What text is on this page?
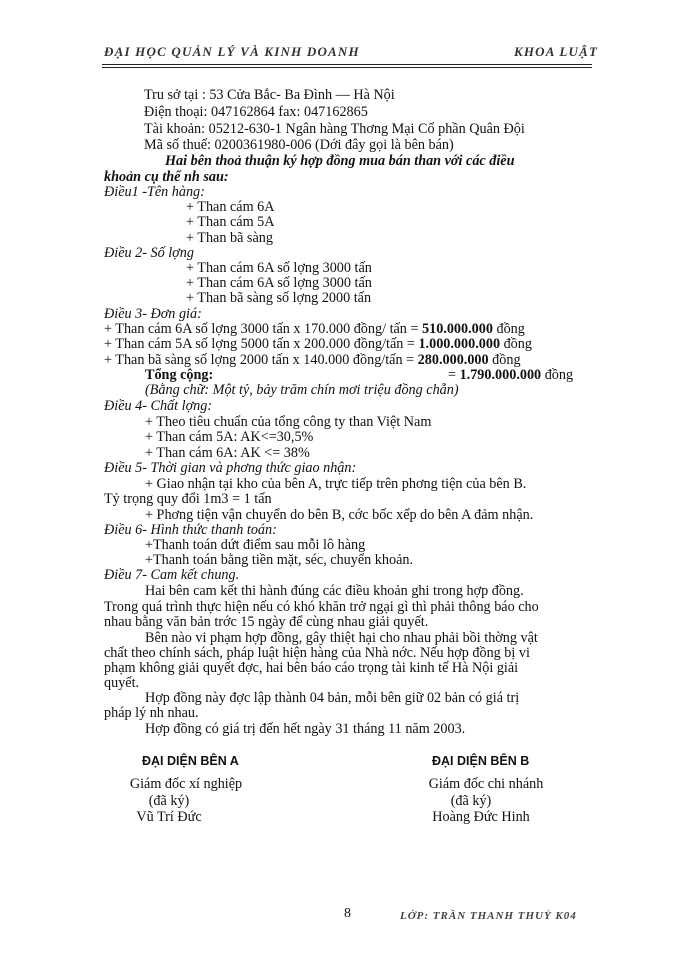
ĐẠI HỌC QUẢN LÝ VÀ KINH DOANH	KHOA LUẬT
Tru sở tại : 53 Cửa Bắc- Ba Đình — Hà Nội
Điện thoại: 047162864 fax: 047162865
Tài khoản: 05212-630-1 Ngân hàng Thơng Mại Cổ phần Quân Đội
Mã số thuế: 0200361980-006 (Dới đây gọi là bên bán)
Hai bên thoả thuận ký hợp đồng mua bán than với các điều
khoản cụ thể nh sau:
Điều1 -Tên hàng:
+ Than cám 6A
+ Than cám 5A
+ Than bã sàng
Điều 2- Số lợng
+ Than cám 6A số lợng 3000 tấn
+ Than cám 6A số lợng 3000 tấn
+ Than bã sàng số lợng 2000 tấn
Điều 3- Đơn giá:
+ Than cám 6A số lợng 3000 tấn x 170.000 đồng/ tấn = 510.000.000 đồng
+ Than cám 5A số lợng 5000 tấn x 200.000 đồng/tấn = 1.000.000.000 đồng
+ Than bã sàng số lợng 2000 tấn x 140.000 đồng/tấn = 280.000.000 đồng
Tổng cộng:	= 1.790.000.000 đồng
(Bằng chữ: Một tỷ, bảy trăm chín mơi triệu đồng chẵn)
Điều 4- Chất lợng:
+ Theo tiêu chuẩn của tổng công ty than Việt Nam
+ Than cám 5A: AK<=30,5%
+ Than cám 6A: AK <= 38%
Điều 5- Thời gian và phơng thức giao nhận:
+ Giao nhận tại kho của bên A, trực tiếp trên phơng tiện của bên B.
Tỷ trọng quy đổi 1m3 = 1 tấn
+ Phơng tiện vận chuyển do bên B, cớc bốc xếp do bên A đảm nhận.
Điều 6- Hình thức thanh toán:
+Thanh toán dứt điểm sau mỗi lô hàng
+Thanh toán bằng tiền mặt, séc, chuyển khoản.
Điều 7- Cam kết chung.
Hai bên cam kết thi hành đúng các điều khoản ghi trong hợp đồng.
Trong quá trình thực hiện nếu có khó khăn trở ngại gì thì phải thông báo cho
nhau bằng văn bản trớc 15 ngày để cùng nhau giải quyết.
Bên nào vi phạm hợp đồng, gây thiệt hại cho nhau phải bồi thờng vật
chất theo chính sách, pháp luật hiện hàng của Nhà nớc. Nếu hợp đồng bị vi
phạm không giải quyết đợc, hai bên báo cáo trọng tài kinh tế Hà Nội giải
quyết.
Hợp đồng này đợc lập thành 04 bản, mỗi bên giữ 02 bản có giá trị
pháp lý nh nhau.
Hợp đồng có giá trị đến hết ngày 31 tháng 11 năm 2003.
ĐẠI DIỆN BÊN A
Giám đốc xí nghiệp
(đã ký)
Vũ Trí Đức
ĐẠI DIỆN BÊN B
Giám đốc chi nhánh
(đã ký)
Hoàng Đức Hinh
8	LỚP: TRẦN THANH THUỶ K04
